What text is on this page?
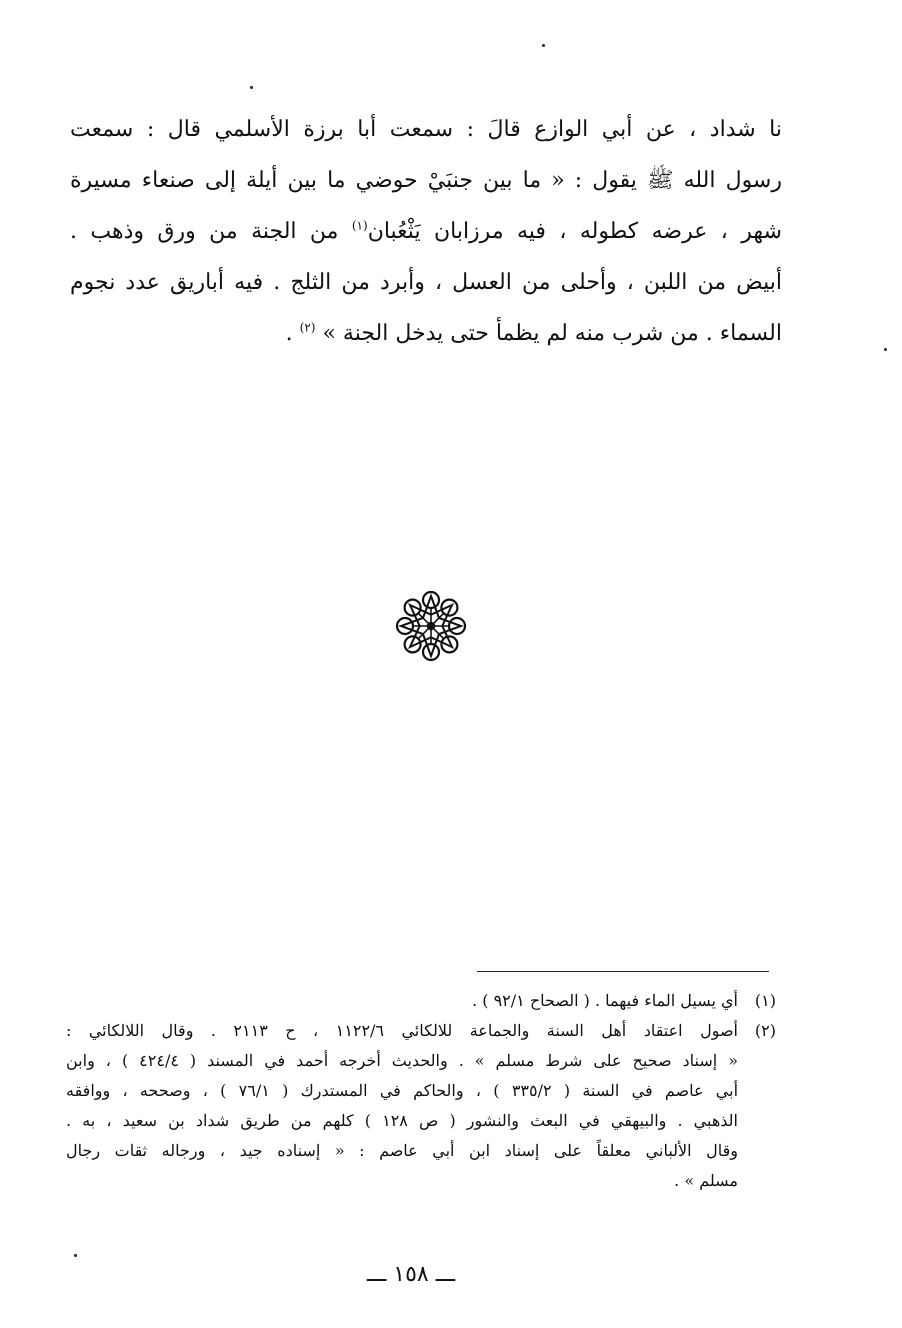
نا شداد ، عن أبي الوازع قالَ : سمعت أبا برزة الأسلمي قال : سمعت
رسول الله ﷺ يقول : « ما بين جنبَيْ حوضي ما بين أيلة إلى صنعاء مسيرة
شهر ، عرضه كطوله ، فيه مرزابان يَثْعُبان$^{(١)}$ من الجنة من ورق وذهب .
أبيض من اللبن ، وأحلى من العسل ، وأبرد من الثلج . فيه أباريق عدد نجوم
السماء . من شرب منه لم يظمأ حتى يدخل الجنة » $^{(٢)}$ .
(١)
أي يسيل الماء فيهما . ( الصحاح ٩٢/١ ) .
(٢)
أصول اعتقاد أهل السنة والجماعة للالكائي ١١٢٢/٦ ، ح ٢١١٣ . وقال اللالكائي :
« إسناد صحيح على شرط مسلم » . والحديث أخرجه أحمد في المسند ( ٤٢٤/٤ ) ، وابن
أبي عاصم في السنة ( ٣٣٥/٢ ) ، والحاكم في المستدرك ( ٧٦/١ ) ، وصححه ، ووافقه
الذهبي . والبيهقي في البعث والنشور ( ص ١٢٨ ) كلهم من طريق شداد بن سعيد ، به .
وقال الألباني معلقاً على إسناد ابن أبي عاصم : « إسناده جيد ، ورجاله ثقات رجال
مسلم » .
ـــ ١٥٨ ـــ
